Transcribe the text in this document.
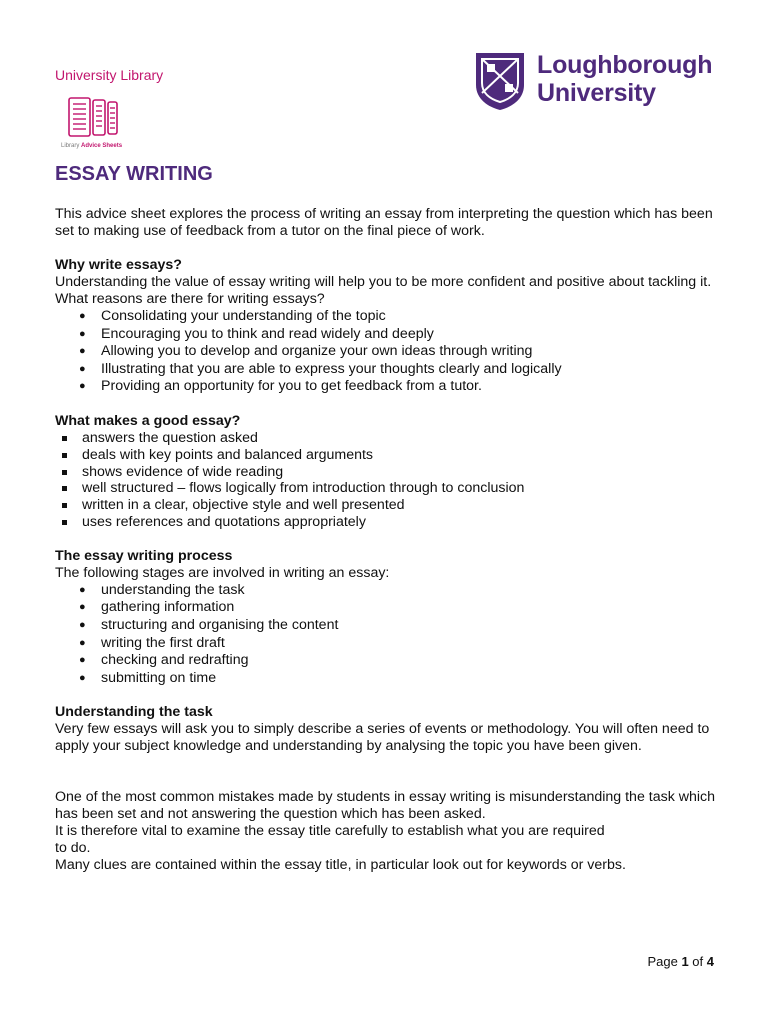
University Library
Library Advice Sheets
Loughborough
University
ESSAY WRITING

This advice sheet explores the process of writing an essay from interpreting the question which has been set to making use of feedback from a tutor on the final piece of work.

Why write essays?

Understanding the value of essay writing will help you to be more confident and positive about tackling it. What reasons are there for writing essays?

● Consolidating your understanding of the topic
● Encouraging you to think and read widely and deeply
● Allowing you to develop and organize your own ideas through writing
● Illustrating that you are able to express your thoughts clearly and logically
● Providing an opportunity for you to get feedback from a tutor.
What makes a good essay?
answers the question asked
deals with key points and balanced arguments
shows evidence of wide reading
well structured – flows logically from introduction through to conclusion
written in a clear, objective style and well presented
uses references and quotations appropriately
The essay writing process

The following stages are involved in writing an essay:

● understanding the task
● gathering information
● structuring and organising the content
● writing the first draft
● checking and redrafting
● submitting on time
Understanding the task

Very few essays will ask you to simply describe a series of events or methodology. You will often need to apply your subject knowledge and understanding by analysing the topic you have been given.

One of the most common mistakes made by students in essay writing is misunderstanding the task which has been set and not answering the question which has been asked.

It is therefore vital to examine the essay title carefully to establish what you are required

to do.

Many clues are contained within the essay title, in particular look out for keywords or verbs.

Page 1 of 4
